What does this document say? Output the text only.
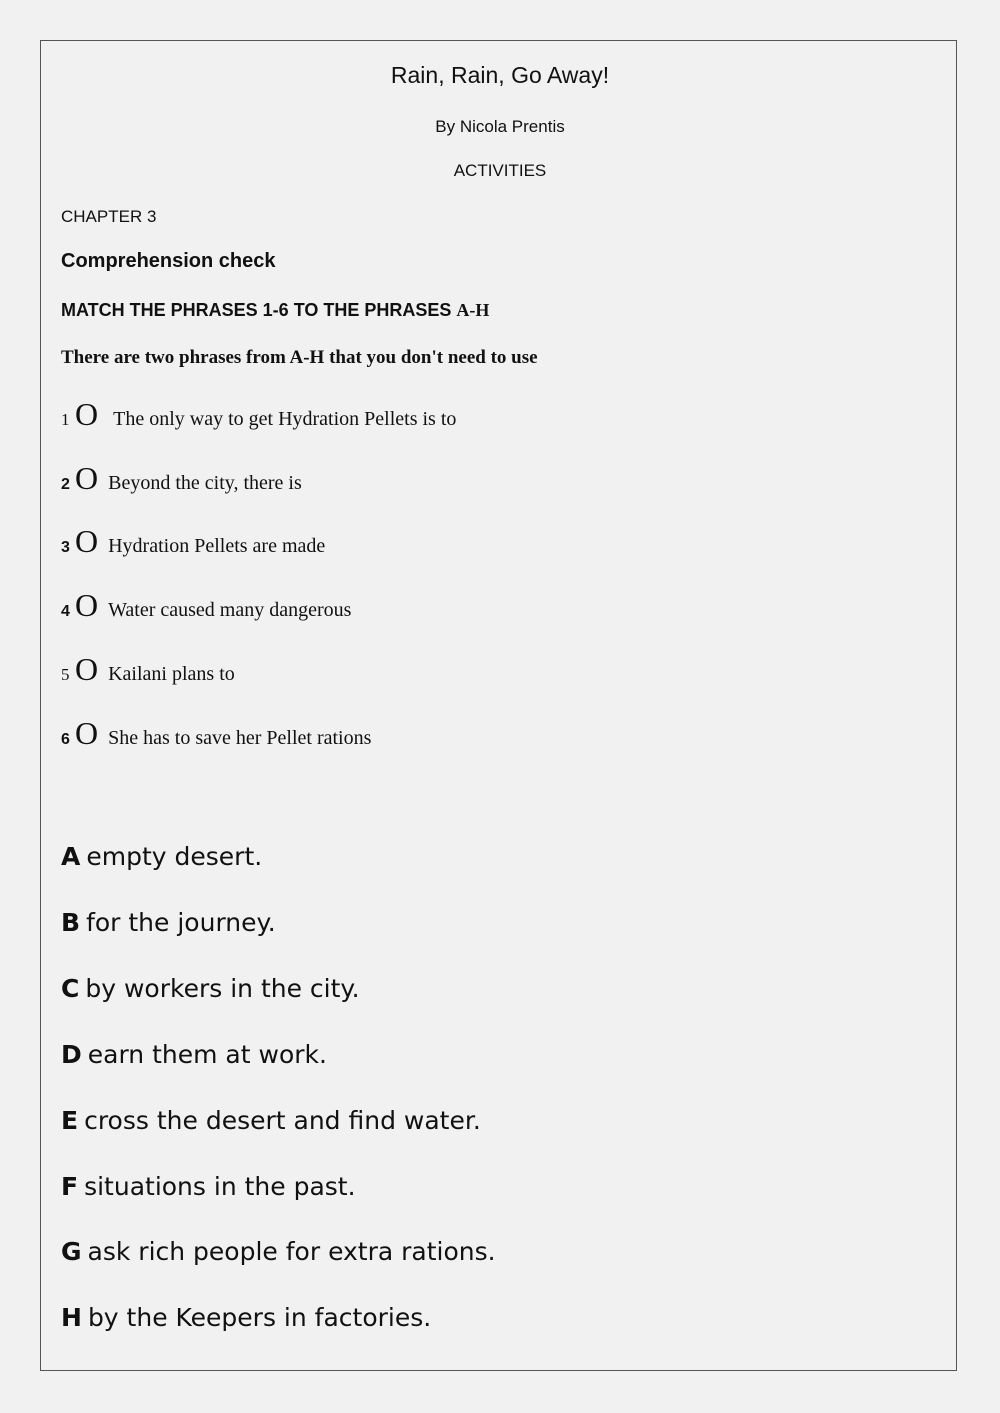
Rain, Rain, Go Away!
By Nicola Prentis
ACTIVITIES
CHAPTER 3
Comprehension check
MATCH THE PHRASES 1-6 TO THE PHRASES A-H
There are two phrases from A-H that you don't need to use
1 O The only way to get Hydration Pellets is to
2 O Beyond the city, there is
3 O Hydration Pellets are made
4 O Water caused many dangerous
5 O Kailani plans to
6 O She has to save her Pellet rations
A empty desert.
B for the journey.
C by workers in the city.
D earn them at work.
E cross the desert and find water.
F situations in the past.
G ask rich people for extra rations.
H by the Keepers in factories.
